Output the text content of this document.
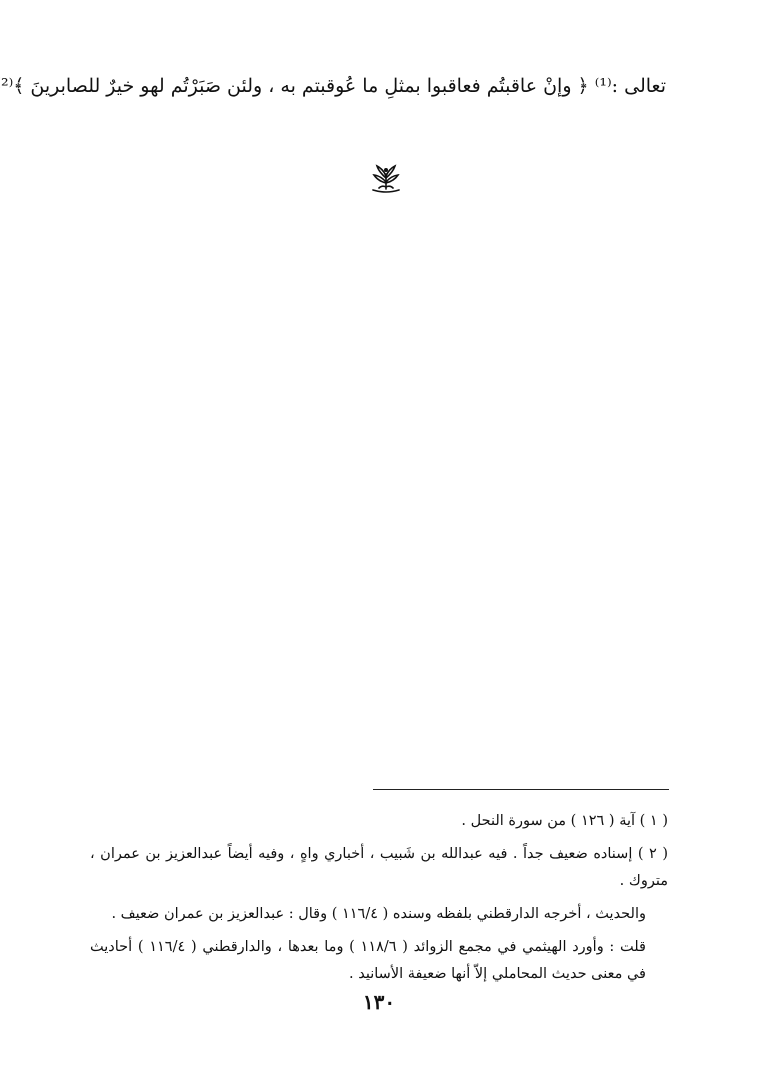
تعالى :⁽¹⁾ ﴿ وإنْ عاقبتُم فعاقبوا بمثلِ ما عُوقبتم به ، ولئن صَبَرْتُم لهو خيرٌ للصابرينَ ﴾⁽²

( ١ ) آية ( ١٢٦ ) من سورة النحل .

( ٢ ) إسناده ضعيف جداً . فيه عبدالله بن شَبيب ، أخباري واهٍ ، وفيه أيضاً عبدالعزيز بن عمران ، متروك .

والحديث ، أخرجه الدارقطني بلفظه وسنده ( ١١٦/٤ ) وقال : عبدالعزيز بن عمران ضعيف .

قلت : وأورد الهيثمي في مجمع الزوائد ( ١١٨/٦ ) وما بعدها ، والدارقطني ( ١١٦/٤ ) أحاديث في معنى حديث المحاملي إلاّ أنها ضعيفة الأسانيد .

١٣٠
